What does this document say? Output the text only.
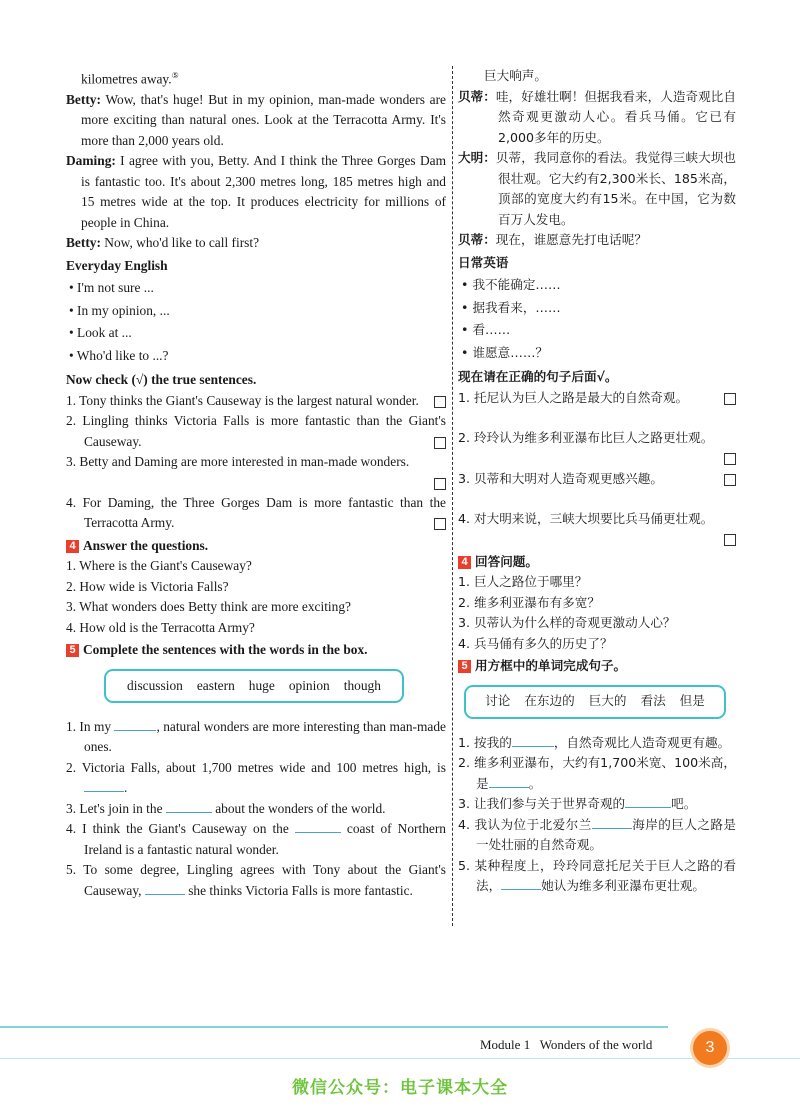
kilometres away.⑤

Betty: Wow, that's huge! But in my opinion, man-made wonders are more exciting than natural ones. Look at the Terracotta Army. It's more than 2,000 years old.

Daming: I agree with you, Betty. And I think the Three Gorges Dam is fantastic too. It's about 2,300 metres long, 185 metres high and 15 metres wide at the top. It produces electricity for millions of people in China.

Betty: Now, who'd like to call first?

Everyday English

• I'm not sure ...

• In my opinion, ...

• Look at ...

• Who'd like to ...?

Now check (√) the true sentences.

1. Tony thinks the Giant's Causeway is the largest natural wonder.

2. Lingling thinks Victoria Falls is more fantastic than the Giant's Causeway.

3. Betty and Daming are more interested in man-made wonders.

4. For Daming, the Three Gorges Dam is more fantastic than the Terracotta Army.

4 Answer the questions.

1. Where is the Giant's Causeway?

2. How wide is Victoria Falls?

3. What wonders does Betty think are more exciting?

4. How old is the Terracotta Army?

5 Complete the sentences with the words in the box.

discussion eastern huge opinion though

1. In my	, natural wonders are more interesting than man-made ones.

2. Victoria Falls, about 1,700 metres wide and 100 metres high, is .

3. Let's join in the	about the wonders of the world.

4. I think the Giant's Causeway on the	coast of Northern Ireland is a fantastic natural wonder.

5. To some degree, Lingling agrees with Tony about the Giant's Causeway,	she thinks Victoria Falls is more fantastic.

巨大响声。

贝蒂：哇，好雄壮啊！但据我看来，人造奇观比自然奇观更激动人心。看兵马俑。它已有2,000多年的历史。

大明：贝蒂，我同意你的看法。我觉得三峡大坝也很壮观。它大约有2,300米长、185米高，顶部的宽度大约有15米。在中国，它为数百万人发电。

贝蒂：现在，谁愿意先打电话呢？

日常英语

• 我不能确定……

• 据我看来，……

• 看……

• 谁愿意……？

现在请在正确的句子后面√。

1. 托尼认为巨人之路是最大的自然奇观。

2. 玲玲认为维多利亚瀑布比巨人之路更壮观。

3. 贝蒂和大明对人造奇观更感兴趣。

4. 对大明来说，三峡大坝要比兵马俑更壮观。

4 回答问题。

1. 巨人之路位于哪里？

2. 维多利亚瀑布有多宽？

3. 贝蒂认为什么样的奇观更激动人心？

4. 兵马俑有多久的历史了？

5 用方框中的单词完成句子。

讨论 在东边的 巨大的 看法 但是

1. 按我的	，自然奇观比人造奇观更有趣。

2. 维多利亚瀑布，大约有1,700米宽、100米高，是	。

3. 让我们参与关于世界奇观的	吧。

4. 我认为位于北爱尔兰	海岸的巨人之路是一处壮丽的自然奇观。

5. 某种程度上，玲玲同意托尼关于巨人之路的看法，	她认为维多利亚瀑布更壮观。

Module 1   Wonders of the world	3
微信公众号：电子课本大全
